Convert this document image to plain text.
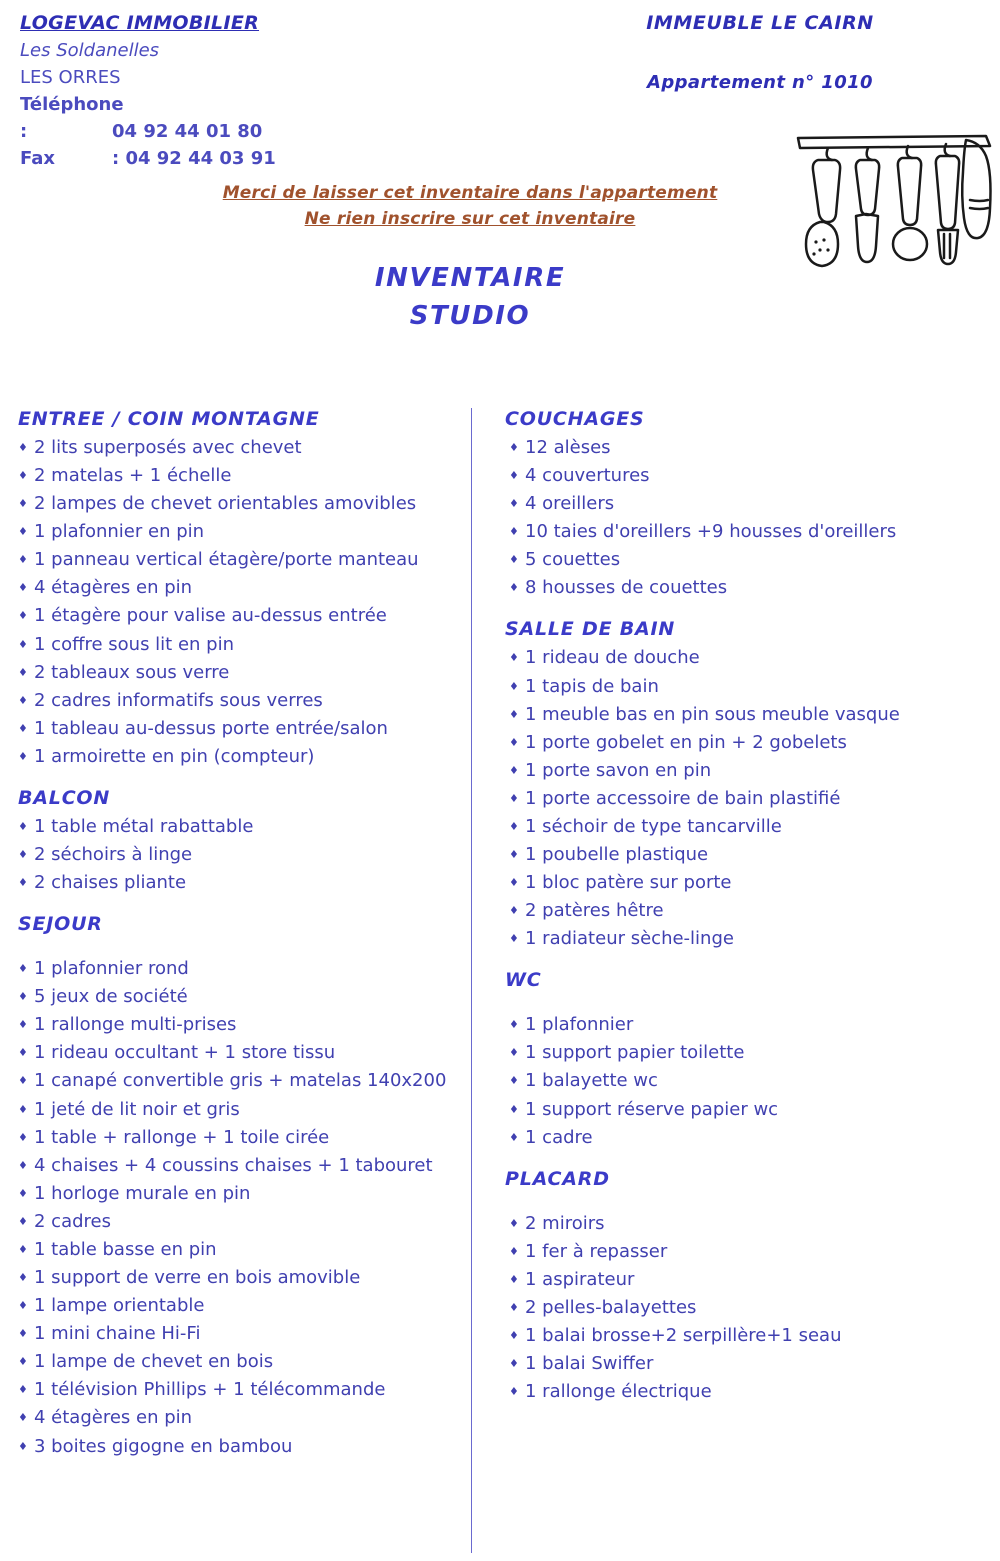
LOGEVAC IMMOBILIER
Les Soldanelles
LES ORRES
Téléphone :	04 92 44 01 80
Fax	: 04 92 44 03 91
IMMEUBLE LE CAIRN
Appartement n° 1010
Merci de laisser cet inventaire dans l'appartement
Ne rien inscrire sur cet inventaire
INVENTAIRE
STUDIO
ENTREE / COIN MONTAGNE
♦ 2 lits superposés avec chevet
♦ 2 matelas + 1 échelle
♦ 2 lampes de chevet orientables amovibles
♦ 1 plafonnier en pin
♦ 1 panneau vertical étagère/porte manteau
♦ 4 étagères en pin
♦ 1 étagère pour valise au-dessus entrée
♦ 1 coffre sous lit en pin
♦ 2 tableaux sous verre
♦ 2 cadres informatifs sous verres
♦ 1 tableau au-dessus porte entrée/salon
♦ 1 armoirette en pin (compteur)
BALCON
♦ 1 table métal rabattable
♦ 2 séchoirs à linge
♦ 2 chaises pliante
SEJOUR
♦ 1 plafonnier rond
♦ 5 jeux de société
♦ 1 rallonge multi-prises
♦ 1 rideau occultant + 1 store tissu
♦ 1 canapé convertible gris + matelas 140x200
♦ 1 jeté de lit noir et gris
♦ 1 table + rallonge + 1 toile cirée
♦ 4 chaises + 4 coussins chaises + 1 tabouret
♦ 1 horloge murale en pin
♦ 2 cadres
♦ 1 table basse en pin
♦ 1 support de verre en bois amovible
♦ 1 lampe orientable
♦ 1 mini chaine Hi-Fi
♦ 1 lampe de chevet en bois
♦ 1 télévision Phillips + 1 télécommande
♦ 4 étagères en pin
♦ 3 boites gigogne en bambou
COUCHAGES
♦ 12 alèses
♦ 4 couvertures
♦ 4 oreillers
♦ 10 taies d'oreillers +9 housses d'oreillers
♦ 5 couettes
♦ 8 housses de couettes
SALLE DE BAIN
♦ 1 rideau de douche
♦ 1 tapis de bain
♦ 1 meuble bas en pin sous meuble vasque
♦ 1 porte gobelet en pin + 2 gobelets
♦ 1 porte savon en pin
♦ 1 porte accessoire de bain plastifié
♦ 1 séchoir de type tancarville
♦ 1 poubelle plastique
♦ 1 bloc patère sur porte
♦ 2 patères hêtre
♦ 1 radiateur sèche-linge
WC
♦ 1 plafonnier
♦ 1 support papier toilette
♦ 1 balayette wc
♦ 1 support réserve papier wc
♦ 1 cadre
PLACARD
♦ 2 miroirs
♦ 1 fer à repasser
♦ 1 aspirateur
♦ 2 pelles-balayettes
♦ 1 balai brosse+2 serpillère+1 seau
♦ 1 balai Swiffer
♦ 1 rallonge électrique
